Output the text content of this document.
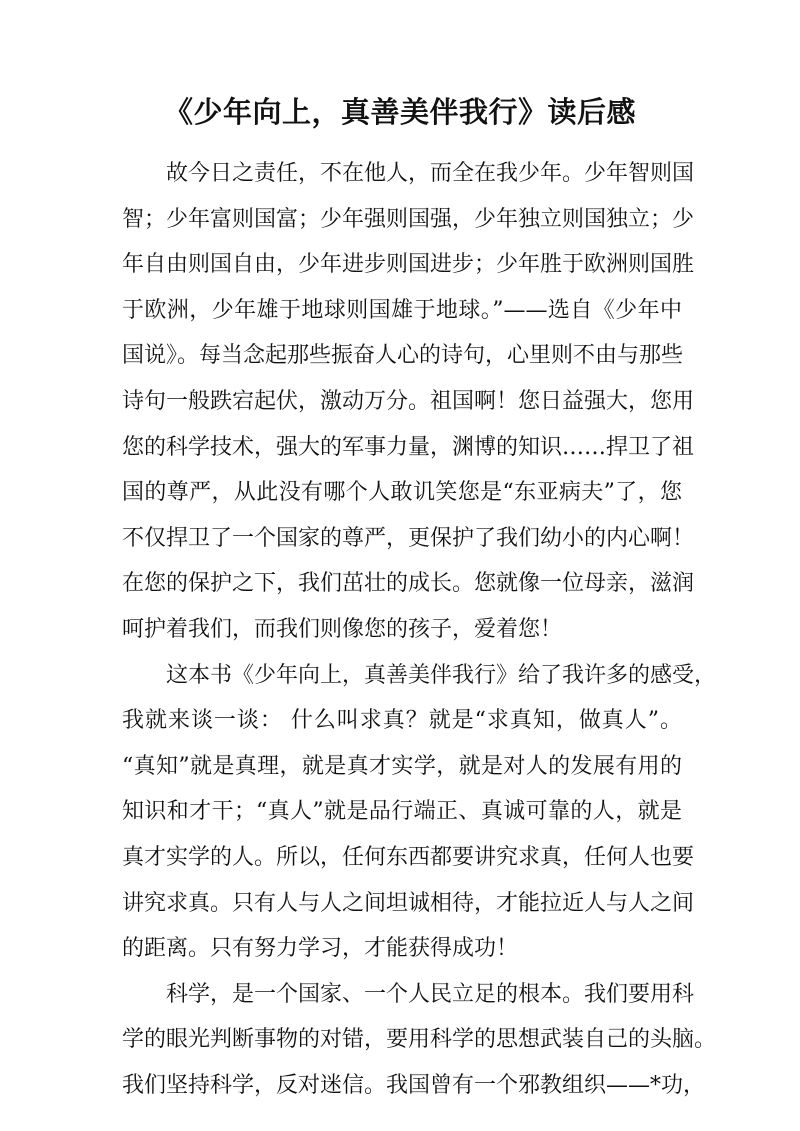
《少年向上，真善美伴我行》读后感
故今日之责任，不在他人，而全在我少年。少年智则国
智；少年富则国富；少年强则国强，少年独立则国独立；少
年自由则国自由，少年进步则国进步；少年胜于欧洲则国胜
于欧洲，少年雄于地球则国雄于地球。”——选自《少年中
国说》。每当念起那些振奋人心的诗句，心里则不由与那些
诗句一般跌宕起伏，激动万分。祖国啊！您日益强大，您用
您的科学技术，强大的军事力量，渊博的知识……捍卫了祖
国的尊严，从此没有哪个人敢讥笑您是“东亚病夫”了，您
不仅捍卫了一个国家的尊严，更保护了我们幼小的内心啊！
在您的保护之下，我们茁壮的成长。您就像一位母亲，滋润
呵护着我们，而我们则像您的孩子，爱着您！
这本书《少年向上，真善美伴我行》给了我许多的感受，
我就来谈一谈： 什么叫求真？就是“求真知，做真人”。
“真知”就是真理，就是真才实学，就是对人的发展有用的
知识和才干；“真人”就是品行端正、真诚可靠的人，就是
真才实学的人。所以，任何东西都要讲究求真，任何人也要
讲究求真。只有人与人之间坦诚相待，才能拉近人与人之间
的距离。只有努力学习，才能获得成功！
科学，是一个国家、一个人民立足的根本。我们要用科
学的眼光判断事物的对错，要用科学的思想武装自己的头脑。
我们坚持科学，反对迷信。我国曾有一个邪教组织——*功，
